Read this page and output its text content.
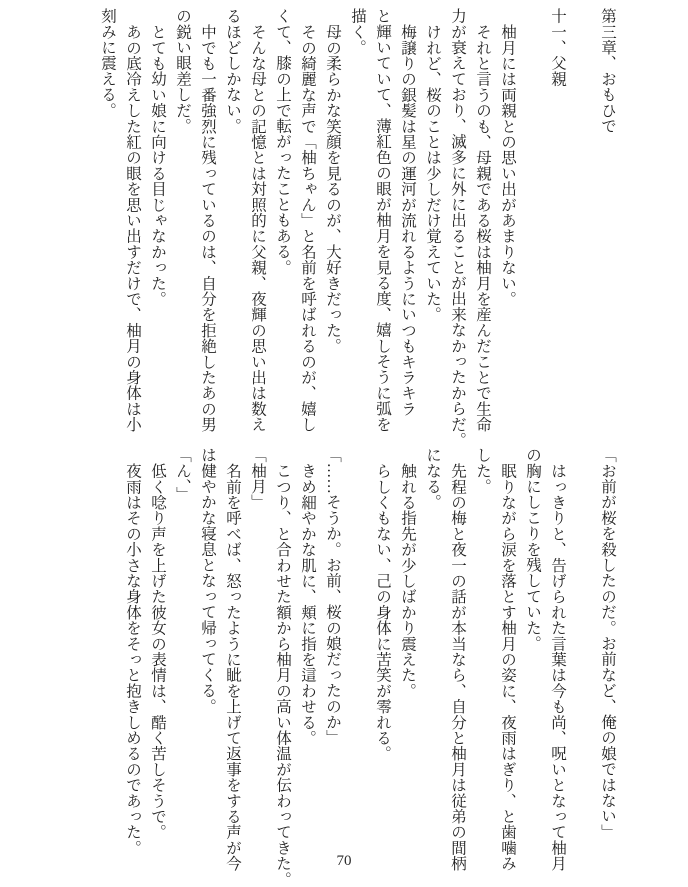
第三章、おもひで
十一、父親
柚月には両親との思い出があまりない。
それと言うのも、母親である桜は柚月を産んだことで生命
力が衰えており、滅多に外に出ることが出来なかったからだ。
けれど、桜のことは少しだけ覚えていた。
梅譲りの銀髪は星の運河が流れるようにいつもキラキラ
と輝いていて、薄紅色の眼が柚月を見る度、嬉しそうに弧を
描く。
母の柔らかな笑顔を見るのが、大好きだった。
その綺麗な声で「柚ちゃん」と名前を呼ばれるのが、嬉し
くて、膝の上で転がったこともある。
そんな母との記憶とは対照的に父親、夜輝の思い出は数え
るほどしかない。
中でも一番強烈に残っているのは、自分を拒絶したあの男
の鋭い眼差しだ。
とても幼い娘に向ける目じゃなかった。
あの底冷えした紅の眼を思い出すだけで、柚月の身体は小
刻みに震える。
「お前が桜を殺したのだ。お前など、俺の娘ではない」
はっきりと、告げられた言葉は今も尚、呪いとなって柚月
の胸にしこりを残していた。
眠りながら涙を落とす柚月の姿に、夜雨はぎり、と歯噛み
した。
先程の梅と夜一の話が本当なら、自分と柚月は従弟の間柄
になる。
触れる指先が少しばかり震えた。
らしくもない、己の身体に苦笑が零れる。
「……そうか。お前、桜の娘だったのか」
きめ細やかな肌に、頬に指を這わせる。
こつり、と合わせた額から柚月の高い体温が伝わってきた。
「柚月」
名前を呼べば、怒ったように眦を上げて返事をする声が今
は健やかな寝息となって帰ってくる。
「ん、」
低く唸り声を上げた彼女の表情は、酷く苦しそうで。
夜雨はその小さな身体をそっと抱きしめるのであった。
70
